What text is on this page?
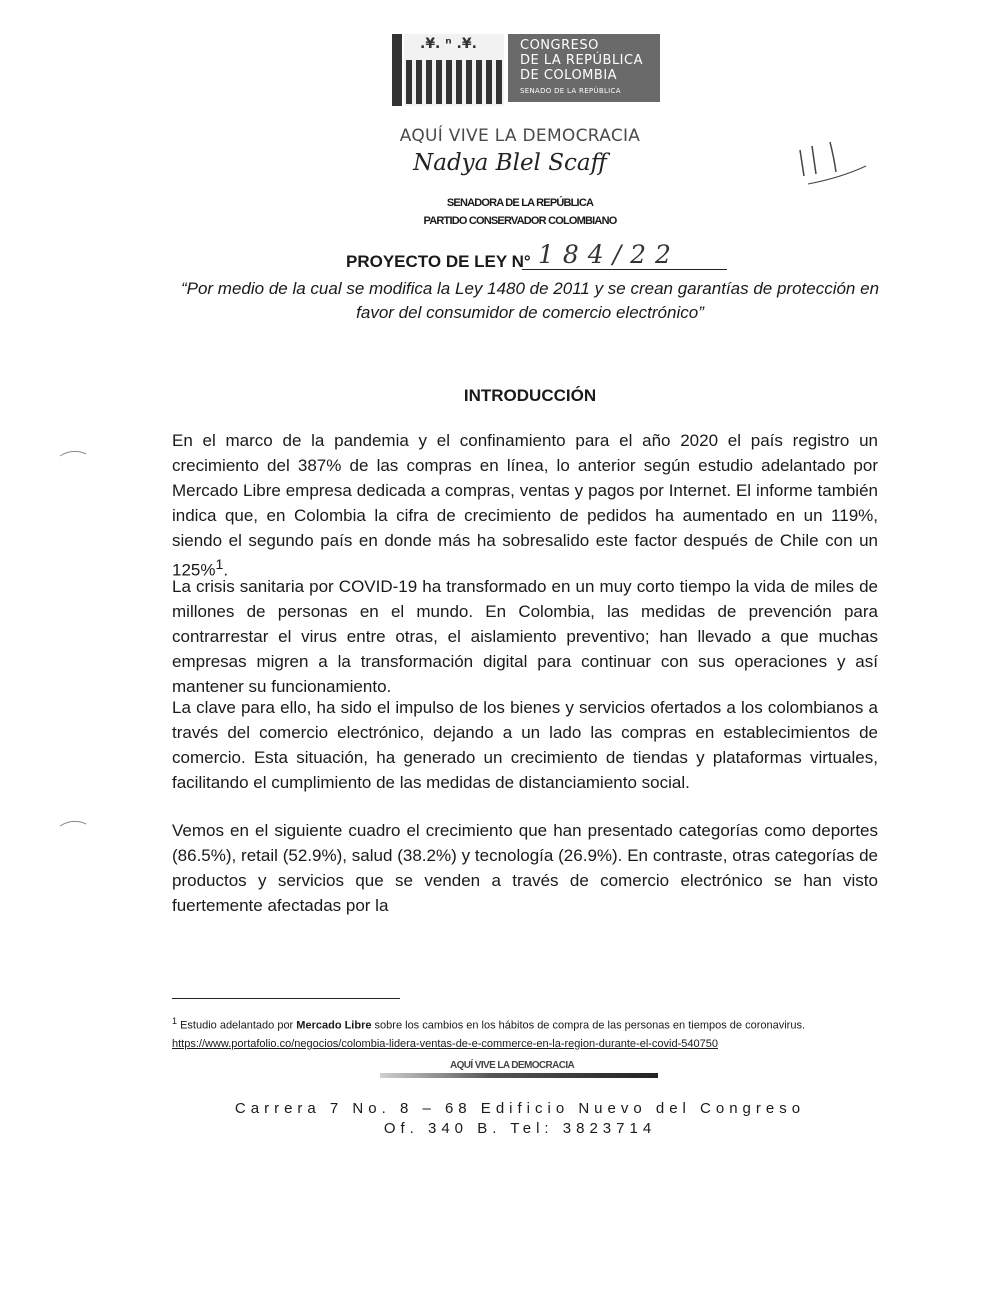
.¥. ⁿ .¥.	CONGRESO
DE LA REPÚBLICA
DE COLOMBIA
SENADO DE LA REPÚBLICA
AQUÍ VIVE LA DEMOCRACIA
Nadya Blel Scaff
SENADORA DE LA REPÚBLICA
PARTIDO CONSERVADOR COLOMBIANO
PROYECTO DE LEY N° 184/22
“Por medio de la cual se modifica la Ley 1480 de 2011 y se crean garantías de protección en favor del consumidor de comercio electrónico”
INTRODUCCIÓN
En el marco de la pandemia y el confinamiento para el año 2020 el país registro un crecimiento del 387% de las compras en línea, lo anterior según estudio adelantado por Mercado Libre empresa dedicada a compras, ventas y pagos por Internet. El informe también indica que, en Colombia la cifra de crecimiento de pedidos ha aumentado en un 119%, siendo el segundo país en donde más ha sobresalido este factor después de Chile con un 125%$^1$.
La crisis sanitaria por COVID-19 ha transformado en un muy corto tiempo la vida de miles de millones de personas en el mundo. En Colombia, las medidas de prevención para contrarrestar el virus entre otras, el aislamiento preventivo; han llevado a que muchas empresas migren a la transformación digital para continuar con sus operaciones y así mantener su funcionamiento.
La clave para ello, ha sido el impulso de los bienes y servicios ofertados a los colombianos a través del comercio electrónico, dejando a un lado las compras en establecimientos de comercio. Esta situación, ha generado un crecimiento de tiendas y plataformas virtuales, facilitando el cumplimiento de las medidas de distanciamiento social.
Vemos en el siguiente cuadro el crecimiento que han presentado categorías como deportes (86.5%), retail (52.9%), salud (38.2%) y tecnología (26.9%). En contraste, otras categorías de productos y servicios que se venden a través de comercio electrónico se han visto fuertemente afectadas por la
$^1$ Estudio adelantado por Mercado Libre sobre los cambios en los hábitos de compra de las personas en tiempos de coronavirus.
https://www.portafolio.co/negocios/colombia-lidera-ventas-de-e-commerce-en-la-region-durante-el-covid-540750
AQUÍ VIVE LA DEMOCRACIA
Carrera 7 No. 8 – 68 Edificio Nuevo del Congreso
Of. 340 B. Tel: 3823714
